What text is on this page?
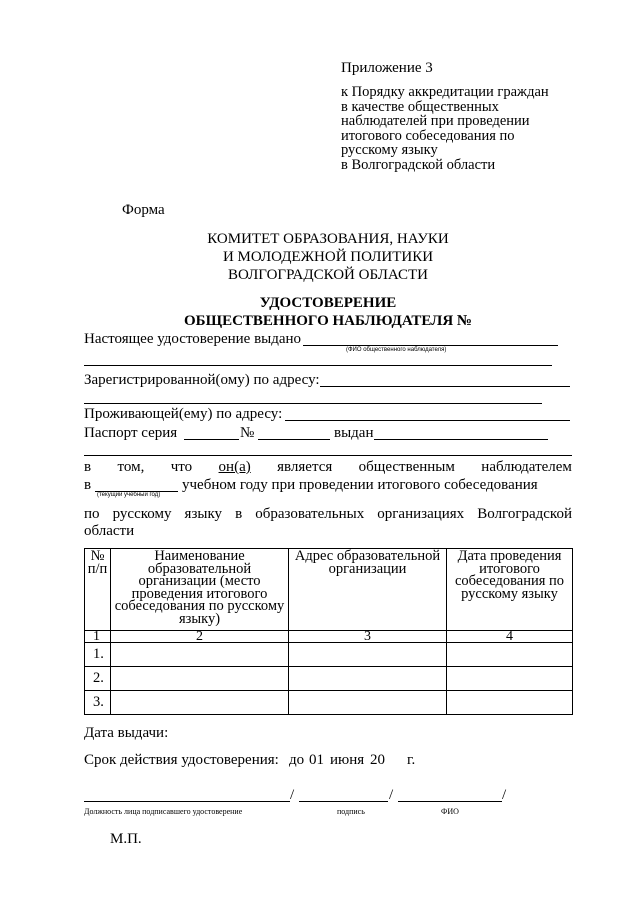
Приложение 3
к Порядку аккредитации граждан
в качестве общественных
наблюдателей при проведении
итогового собеседования по
русскому языку
в Волгоградской области
Форма
КОМИТЕТ ОБРАЗОВАНИЯ, НАУКИ
И МОЛОДЕЖНОЙ ПОЛИТИКИ
ВОЛГОГРАДСКОЙ ОБЛАСТИ
УДОСТОВЕРЕНИЕ
ОБЩЕСТВЕННОГО НАБЛЮДАТЕЛЯ №
Настоящее удостоверение выдано
(ФИО общественного наблюдателя)
Зарегистрированной(ому) по адресу:
Проживающей(ему) по адресу:
Паспорт серия	№	выдан
в том, что он(а) является общественным наблюдателем
в
(текущий учебный год)
учебном году при проведении итогового собеседования
по русскому языку в образовательных организациях Волгоградской
области
№ п/п	Наименование образовательной организации (место проведения итогового собеседования по русскому языку)	Адрес образовательной организации	Дата проведения итогового собеседования по русскому языку
1	2	3	4
1.			
2.			
3.			
Дата выдачи:
Срок действия удостоверения: до 01 июня 20 г.
/	/	/
Должность лица подписавшего удостоверение	подпись	ФИО
М.П.
